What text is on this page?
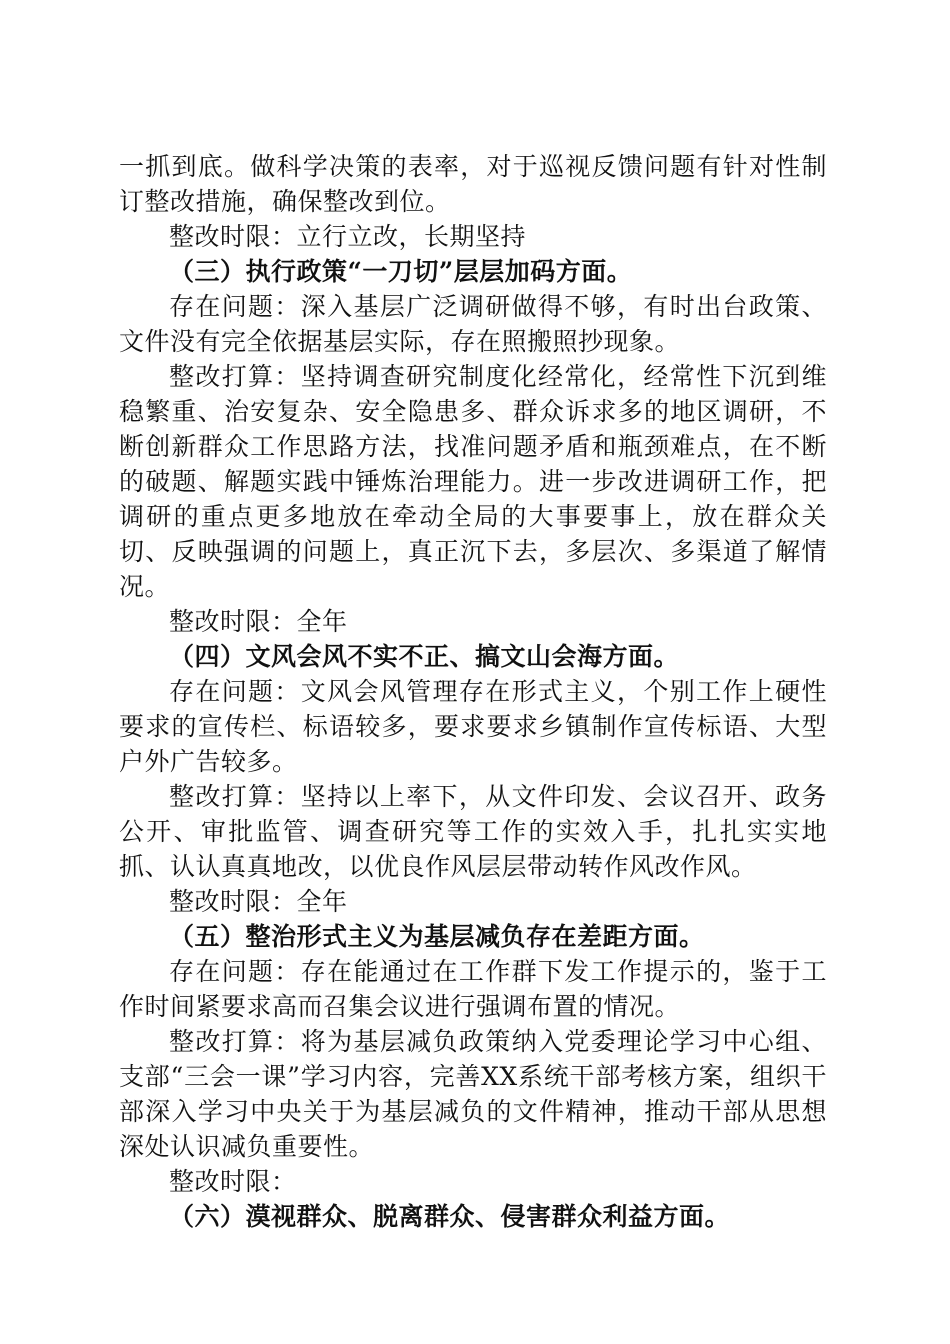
一抓到底。做科学决策的表率，对于巡视反馈问题有针对性制订整改措施，确保整改到位。

整改时限：立行立改，长期坚持

（三）执行政策“一刀切”层层加码方面。

存在问题：深入基层广泛调研做得不够，有时出台政策、文件没有完全依据基层实际，存在照搬照抄现象。

整改打算：坚持调查研究制度化经常化，经常性下沉到维稳繁重、治安复杂、安全隐患多、群众诉求多的地区调研，不断创新群众工作思路方法，找准问题矛盾和瓶颈难点，在不断的破题、解题实践中锤炼治理能力。进一步改进调研工作，把调研的重点更多地放在牵动全局的大事要事上，放在群众关切、反映强调的问题上，真正沉下去，多层次、多渠道了解情况。

整改时限：全年

（四）文风会风不实不正、搞文山会海方面。

存在问题：文风会风管理存在形式主义，个别工作上硬性要求的宣传栏、标语较多，要求要求乡镇制作宣传标语、大型户外广告较多。

整改打算：坚持以上率下，从文件印发、会议召开、政务公开、审批监管、调查研究等工作的实效入手，扎扎实实地抓、认认真真地改，以优良作风层层带动转作风改作风。

整改时限：全年

（五）整治形式主义为基层减负存在差距方面。

存在问题：存在能通过在工作群下发工作提示的，鉴于工作时间紧要求高而召集会议进行强调布置的情况。

整改打算：将为基层减负政策纳入党委理论学习中心组、支部“三会一课”学习内容，完善XX系统干部考核方案，组织干部深入学习中央关于为基层减负的文件精神，推动干部从思想深处认识减负重要性。

整改时限：

（六）漠视群众、脱离群众、侵害群众利益方面。
